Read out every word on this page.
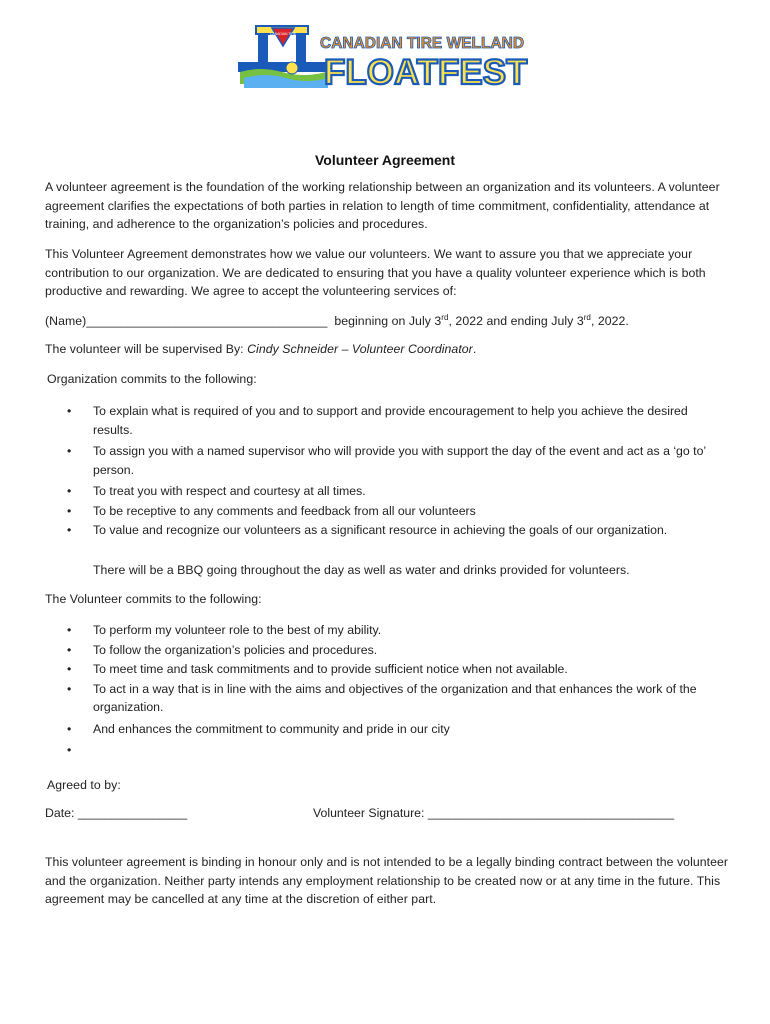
CANADIAN TIRE
CANADIAN TIRE WELLAND
FLOATFEST
Volunteer Agreement
A volunteer agreement is the foundation of the working relationship between an organization and its volunteers. A volunteer agreement clarifies the expectations of both parties in relation to length of time commitment, confidentiality, attendance at training, and adherence to the organization’s policies and procedures.
This Volunteer Agreement demonstrates how we value our volunteers. We want to assure you that we appreciate your contribution to our organization. We are dedicated to ensuring that you have a quality volunteer experience which is both productive and rewarding. We agree to accept the volunteering services of:
(Name)___________________________________ beginning on July 3rd, 2022 and ending July 3rd, 2022.
The volunteer will be supervised By: Cindy Schneider – Volunteer Coordinator.
Organization commits to the following:
• To explain what is required of you and to support and provide encouragement to help you achieve the desired results.
• To assign you with a named supervisor who will provide you with support the day of the event and act as a ‘go to’ person.
• To treat you with respect and courtesy at all times.
• To be receptive to any comments and feedback from all our volunteers
• To value and recognize our volunteers as a significant resource in achieving the goals of our organization.
There will be a BBQ going throughout the day as well as water and drinks provided for volunteers.
The Volunteer commits to the following:
• To perform my volunteer role to the best of my ability.
• To follow the organization’s policies and procedures.
• To meet time and task commitments and to provide sufficient notice when not available.
• To act in a way that is in line with the aims and objectives of the organization and that enhances the work of the organization.
• And enhances the commitment to community and pride in our city
•
Agreed to by:
Date: ________________	Volunteer Signature: ____________________________________
This volunteer agreement is binding in honour only and is not intended to be a legally binding contract between the volunteer and the organization. Neither party intends any employment relationship to be created now or at any time in the future. This agreement may be cancelled at any time at the discretion of either part.
